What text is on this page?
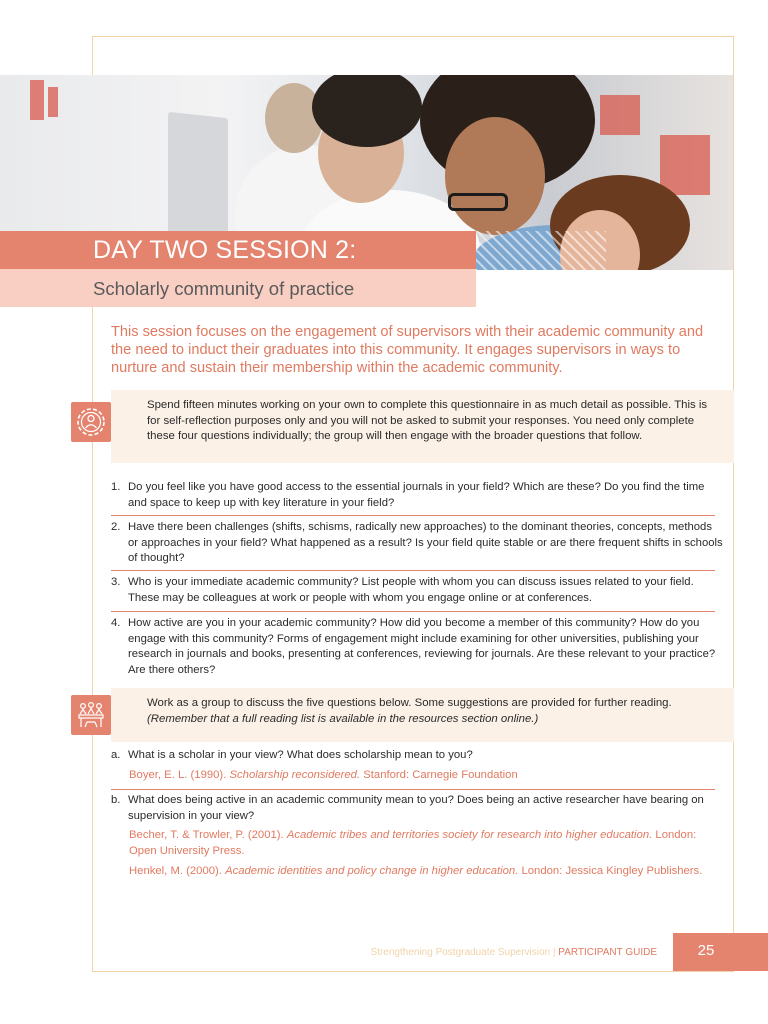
DAY TWO SESSION 2:
Scholarly community of practice

This session focuses on the engagement of supervisors with their academic community and the need to induct their graduates into this community. It engages supervisors in ways to nurture and sustain their membership within the academic community.

Spend fifteen minutes working on your own to complete this questionnaire in as much detail as possible. This is for self-reflection purposes only and you will not be asked to submit your responses. You need only complete these four questions individually; the group will then engage with the broader questions that follow.

1. Do you feel like you have good access to the essential journals in your field? Which are these? Do you find the time and space to keep up with key literature in your field?
2. Have there been challenges (shifts, schisms, radically new approaches) to the dominant theories, concepts, methods or approaches in your field? What happened as a result? Is your field quite stable or are there frequent shifts in schools of thought?
3. Who is your immediate academic community? List people with whom you can discuss issues related to your field. These may be colleagues at work or people with whom you engage online or at conferences.
4. How active are you in your academic community? How did you become a member of this community? How do you engage with this community? Forms of engagement might include examining for other universities, publishing your research in journals and books, presenting at conferences, reviewing for journals. Are these relevant to your practice? Are there others?

Work as a group to discuss the five questions below. Some suggestions are provided for further reading.
(Remember that a full reading list is available in the resources section online.)

a. What is a scholar in your view? What does scholarship mean to you?
Boyer, E. L. (1990). Scholarship reconsidered. Stanford: Carnegie Foundation
b. What does being active in an academic community mean to you? Does being an active researcher have bearing on supervision in your view?
Becher, T. & Trowler, P. (2001). Academic tribes and territories society for research into higher education. London: Open University Press.
Henkel, M. (2000). Academic identities and policy change in higher education. London: Jessica Kingley Publishers.
Strengthening Postgraduate Supervision | PARTICIPANT GUIDE	25
